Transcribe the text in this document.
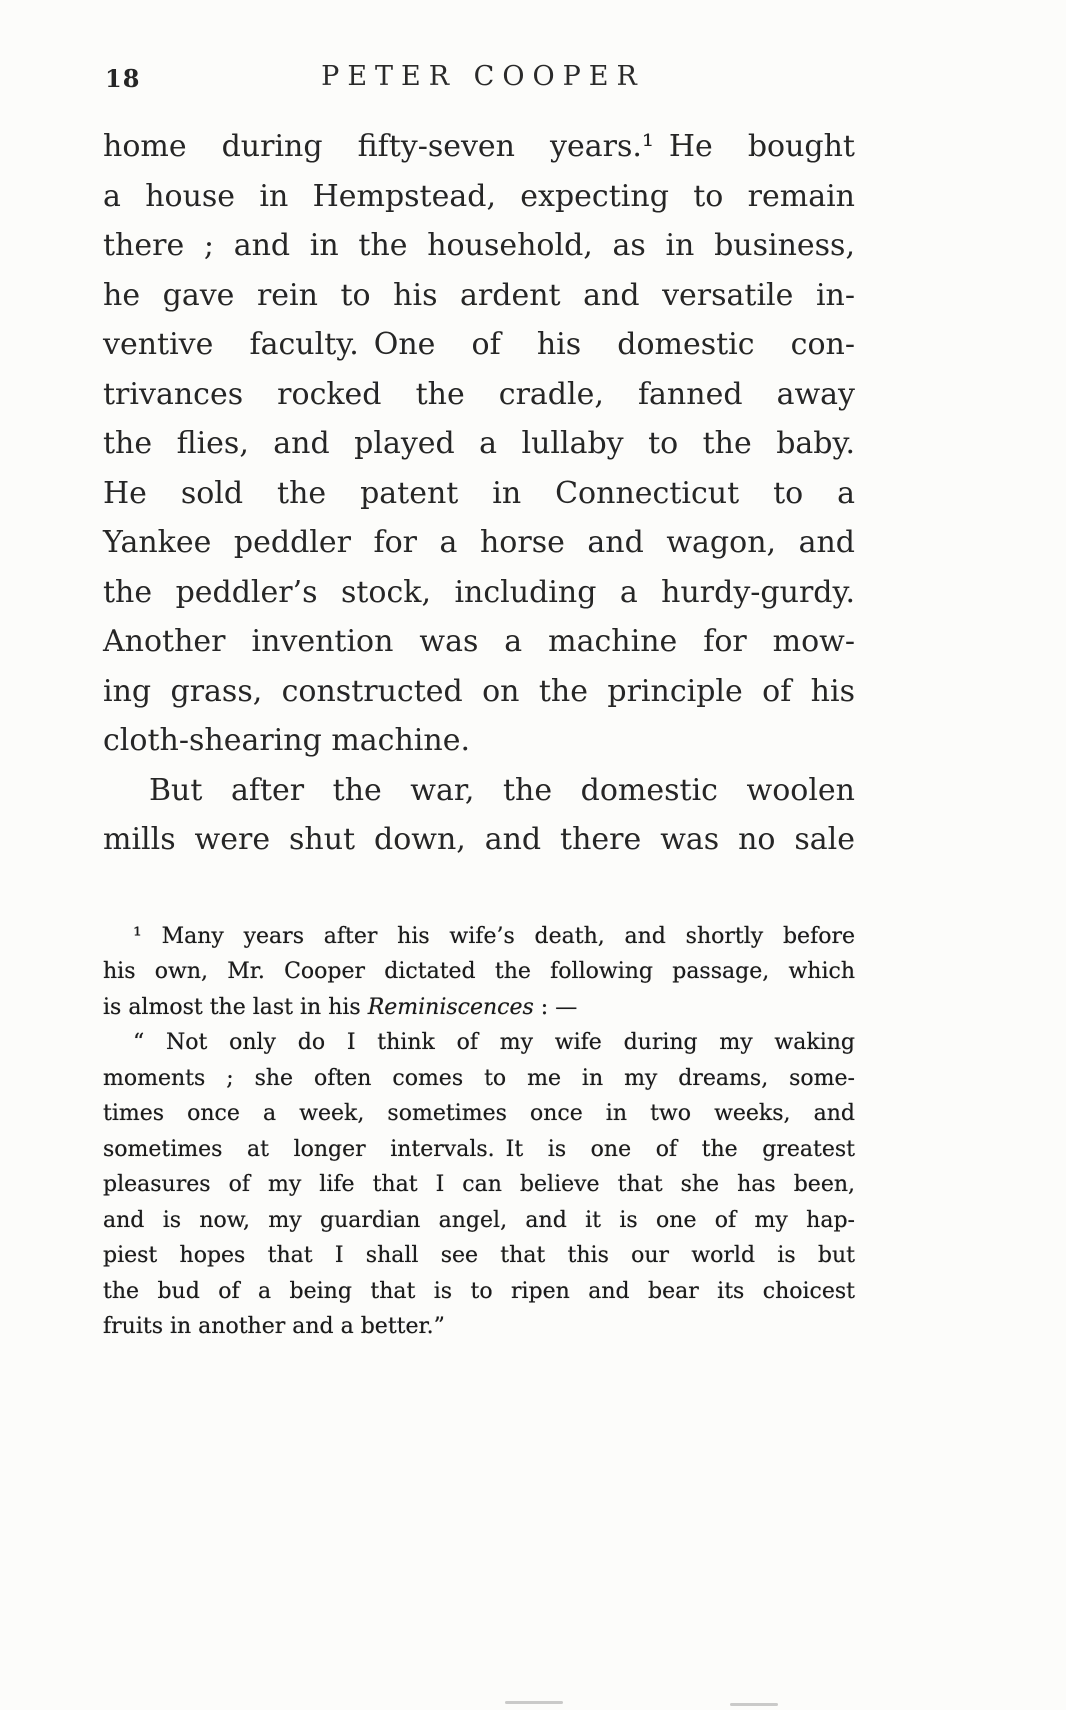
18	PETER COOPER
home during fifty-seven years.¹ He bought
a house in Hempstead, expecting to remain
there ; and in the household, as in business,
he gave rein to his ardent and versatile in-
ventive faculty. One of his domestic con-
trivances rocked the cradle, fanned away
the flies, and played a lullaby to the baby.
He sold the patent in Connecticut to a
Yankee peddler for a horse and wagon, and
the peddler’s stock, including a hurdy-gurdy.
Another invention was a machine for mow-
ing grass, constructed on the principle of his
cloth-shearing machine.
But after the war, the domestic woolen
mills were shut down, and there was no sale
¹ Many years after his wife’s death, and shortly before
his own, Mr. Cooper dictated the following passage, which
is almost the last in his Reminiscences : —
“ Not only do I think of my wife during my waking
moments ; she often comes to me in my dreams, some-
times once a week, sometimes once in two weeks, and
sometimes at longer intervals. It is one of the greatest
pleasures of my life that I can believe that she has been,
and is now, my guardian angel, and it is one of my hap-
piest hopes that I shall see that this our world is but
the bud of a being that is to ripen and bear its choicest
fruits in another and a better.”
